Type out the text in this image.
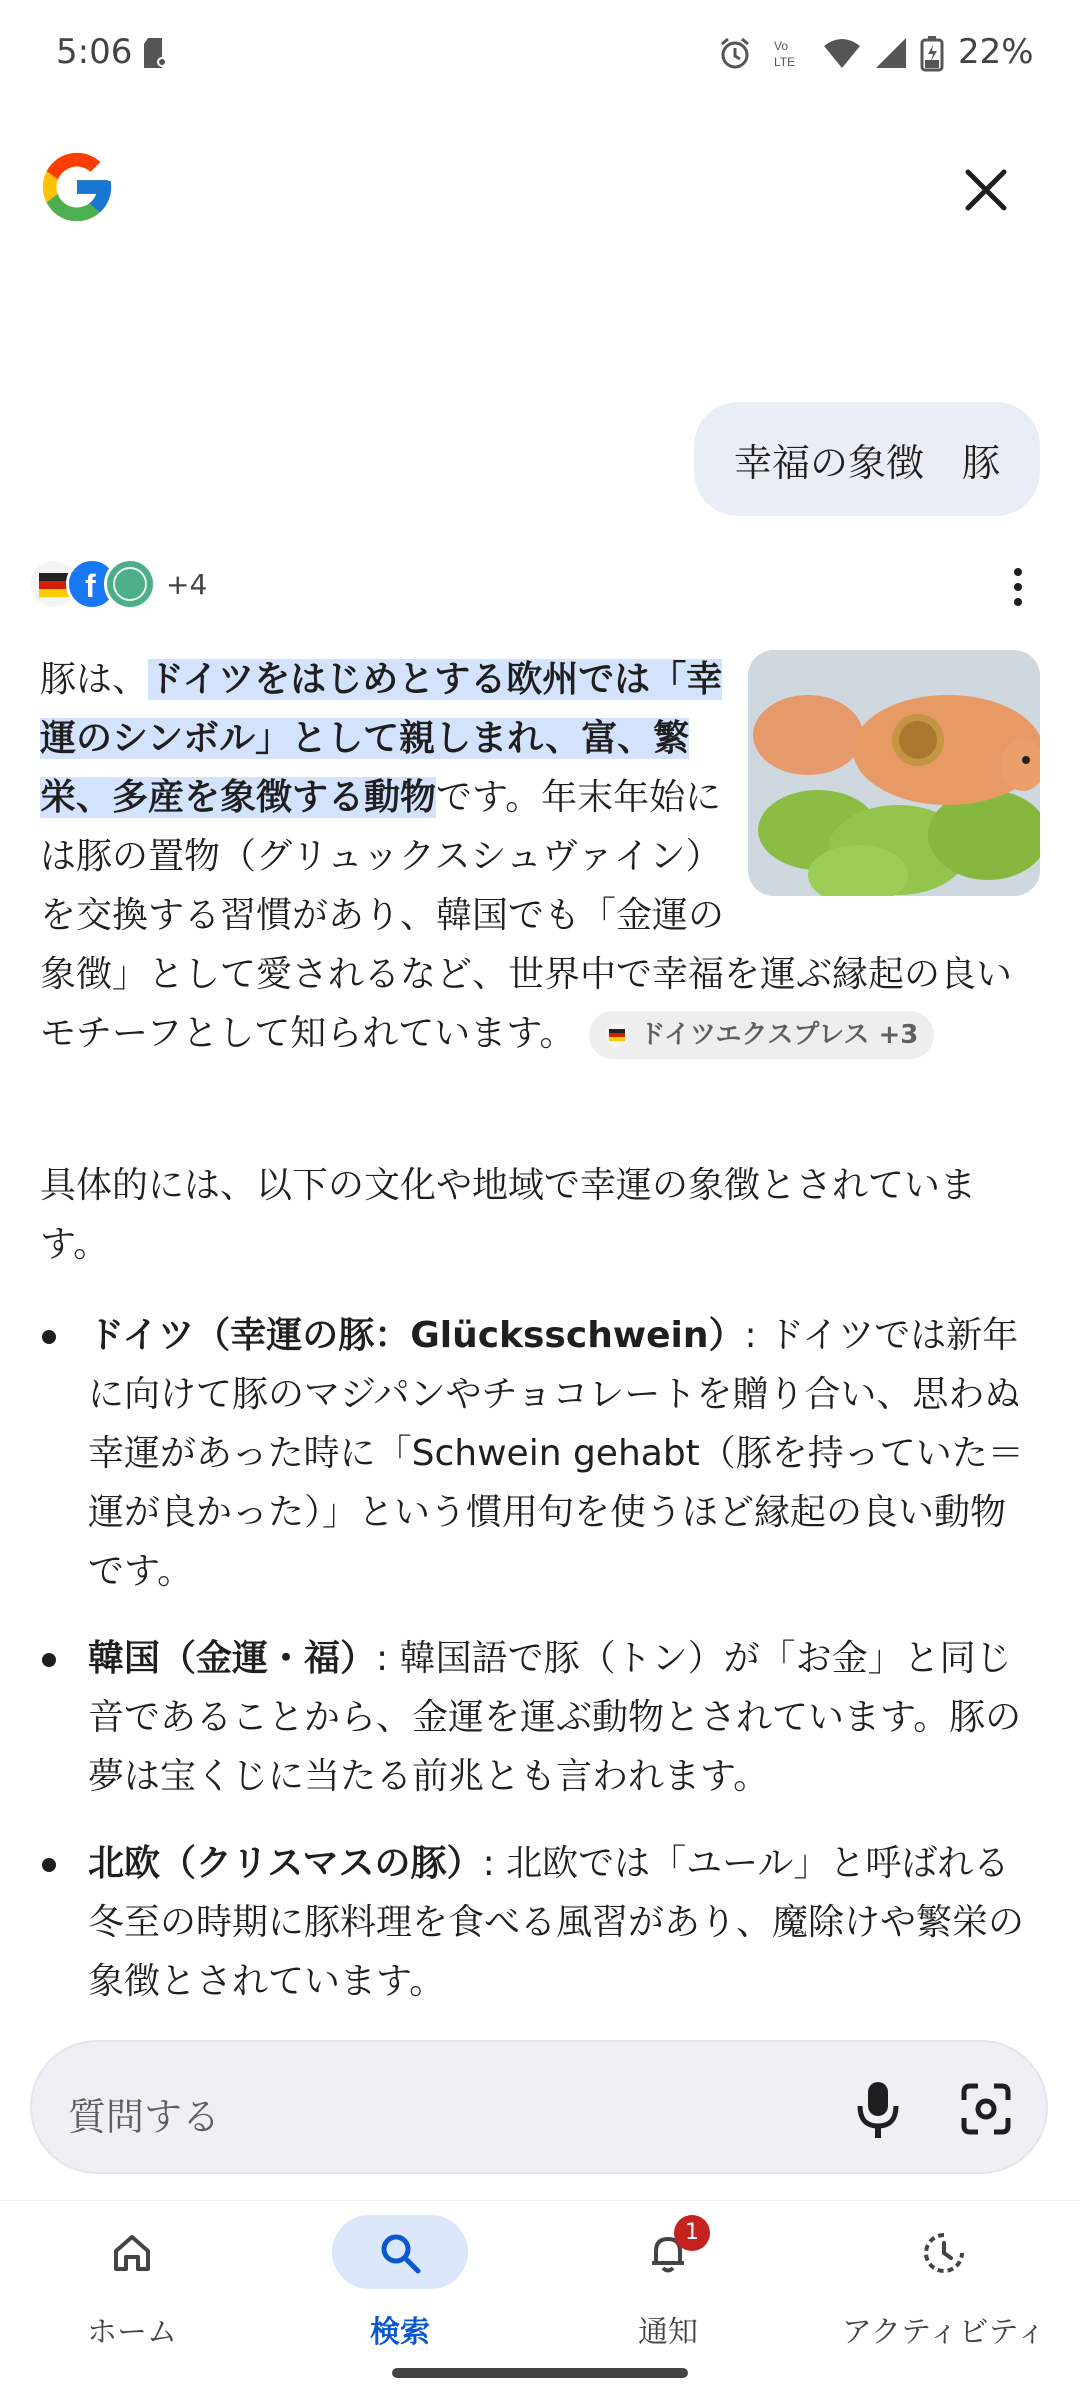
5:06	Vo
LTE	22%
幸福の象徴　豚
f	+4
豚は、ドイツをはじめとする欧州では「幸運のシンボル」として親しまれ、富、繁栄、多産を象徴する動物です。年末年始には豚の置物（グリュックスシュヴァイン）を交換する習慣があり、韓国でも「金運の象徴」として愛されるなど、世界中で幸福を運ぶ縁起の良いモチーフとして知られています。 ドイツエクスプレス +3
具体的には、以下の文化や地域で幸運の象徴とされています。
ドイツ（幸運の豚：Glücksschwein）: ドイツでは新年に向けて豚のマジパンやチョコレートを贈り合い、思わぬ幸運があった時に「Schwein gehabt（豚を持っていた＝運が良かった）」という慣用句を使うほど縁起の良い動物です。
韓国（金運・福）: 韓国語で豚（トン）が「お金」と同じ音であることから、金運を運ぶ動物とされています。豚の夢は宝くじに当たる前兆とも言われます。
北欧（クリスマスの豚）: 北欧では「ユール」と呼ばれる冬至の時期に豚料理を食べる風習があり、魔除けや繁栄の象徴とされています。
質問する
ホーム	検索
1
通知	アクティビティ
